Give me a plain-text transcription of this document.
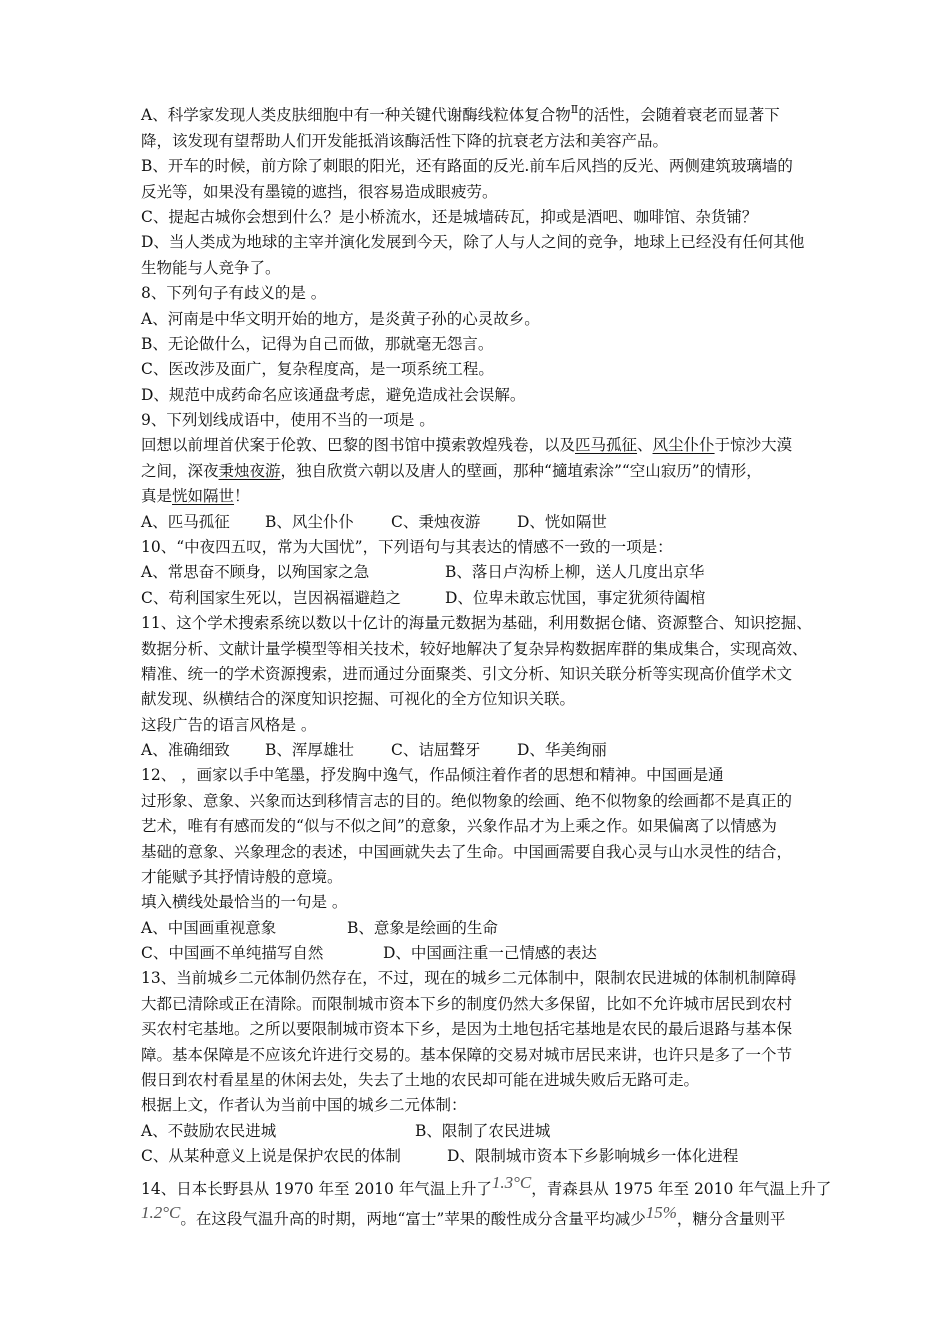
A、科学家发现人类皮肤细胞中有一种关键代谢酶线粒体复合物$^Ⅱ$的活性，会随着衰老而显著下
降，该发现有望帮助人们开发能抵消该酶活性下降的抗衰老方法和美容产品。
B、开车的时候，前方除了刺眼的阳光，还有路面的反光.前车后风挡的反光、两侧建筑玻璃墙的
反光等，如果没有墨镜的遮挡，很容易造成眼疲劳。
C、提起古城你会想到什么？是小桥流水，还是城墙砖瓦，抑或是酒吧、咖啡馆、杂货铺？
D、当人类成为地球的主宰并演化发展到今天，除了人与人之间的竞争，地球上已经没有任何其他
生物能与人竞争了。
8、下列句子有歧义的是 。
A、河南是中华文明开始的地方，是炎黄子孙的心灵故乡。
B、无论做什么，记得为自己而做，那就毫无怨言。
C、医改涉及面广，复杂程度高，是一项系统工程。
D、规范中成药命名应该通盘考虑，避免造成社会误解。
9、下列划线成语中，使用不当的一项是 。
回想以前埋首伏案于伦敦、巴黎的图书馆中摸索敦煌残卷，以及匹马孤征、风尘仆仆于惊沙大漠
之间，深夜秉烛夜游，独自欣赏六朝以及唐人的壁画，那种“擿埴索涂”“空山寂历”的情形，
真是恍如隔世！
A、匹马孤征 B、风尘仆仆 C、秉烛夜游 D、恍如隔世
10、“中夜四五叹，常为大国忧”，下列语句与其表达的情感不一致的一项是：
A、常思奋不顾身，以殉国家之急	B、落日卢沟桥上柳，送人几度出京华
C、苟利国家生死以，岂因祸福避趋之	D、位卑未敢忘忧国，事定犹须待阖棺
11、这个学术搜索系统以数以十亿计的海量元数据为基础，利用数据仓储、资源整合、知识挖掘、
数据分析、文献计量学模型等相关技术，较好地解决了复杂异构数据库群的集成集合，实现高效、
精准、统一的学术资源搜索，进而通过分面聚类、引文分析、知识关联分析等实现高价值学术文
献发现、纵横结合的深度知识挖掘、可视化的全方位知识关联。
这段广告的语言风格是 。
A、准确细致 B、浑厚雄壮 C、诘屈聱牙 D、华美绚丽
12、 ，画家以手中笔墨，抒发胸中逸气，作品倾注着作者的思想和精神。中国画是通
过形象、意象、兴象而达到移情言志的目的。绝似物象的绘画、绝不似物象的绘画都不是真正的
艺术，唯有有感而发的“似与不似之间”的意象，兴象作品才为上乘之作。如果偏离了以情感为
基础的意象、兴象理念的表述，中国画就失去了生命。中国画需要自我心灵与山水灵性的结合，
才能赋予其抒情诗般的意境。
填入横线处最恰当的一句是 。
A、中国画重视意象	B、意象是绘画的生命
C、中国画不单纯描写自然	D、中国画注重一己情感的表达
13、当前城乡二元体制仍然存在，不过，现在的城乡二元体制中，限制农民进城的体制机制障碍
大都已清除或正在清除。而限制城市资本下乡的制度仍然大多保留，比如不允许城市居民到农村
买农村宅基地。之所以要限制城市资本下乡，是因为土地包括宅基地是农民的最后退路与基本保
障。基本保障是不应该允许进行交易的。基本保障的交易对城市居民来讲，也许只是多了一个节
假日到农村看星星的休闲去处，失去了土地的农民却可能在进城失败后无路可走。
根据上文，作者认为当前中国的城乡二元体制：
A、不鼓励农民进城	B、限制了农民进城
C、从某种意义上说是保护农民的体制	D、限制城市资本下乡影响城乡一体化进程
14、日本长野县从 1970 年至 2010 年气温上升了1.3°C，青森县从 1975 年至 2010 年气温上升了
1.2°C。在这段气温升高的时期，两地“富士”苹果的酸性成分含量平均减少15%，糖分含量则平
